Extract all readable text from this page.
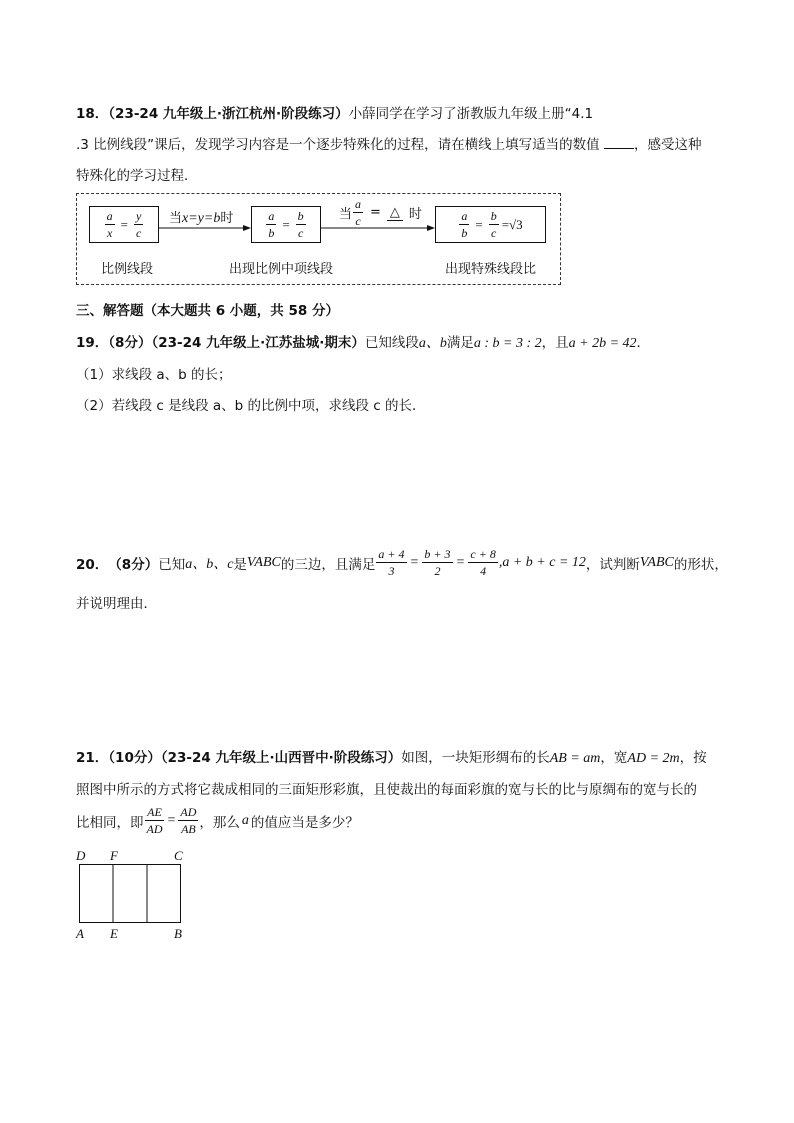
18．（23-24 九年级上·浙江杭州·阶段练习）小薛同学在学习了浙教版九年级上册“4.1
.3 比例线段”课后，发现学习内容是一个逐步特殊化的过程，请在横线上填写适当的数值	，感受这种
特殊化的学习过程．
$\frac{a}{x} = \frac{y}{c}$ 当x=y=b时	$\frac{a}{b} = \frac{b}{c}$	当 $\frac{a}{c}$ = △ 时	$\frac{a}{b} = \frac{b}{c} =√3$
比例线段	出现比例中项线段	出现特殊线段比
三、解答题（本大题共 6 小题，共 58 分）
19．（8分）（23-24 九年级上·江苏盐城·期末）已知线段a、b满足a : b = 3 : 2，且a + 2b = 42．
（1）求线段 a、b 的长；
（2）若线段 c 是线段 a、b 的比例中项，求线段 c 的长．
20． （8分） 已知 a、b、c 是 VABC 的三边，且满足 $\frac{a + 4}{3} = \frac{b + 3}{2} = \frac{c + 8}{4} ,a + b + c = 12$ ，试判断 VABC 的形状，
并说明理由．
21．（10分）（23-24 九年级上·山西晋中·阶段练习）如图，一块矩形绸布的长AB = am，宽AD = 2m，按
照图中所示的方式将它裁成相同的三面矩形彩旗，且使裁出的每面彩旗的宽与长的比与原绸布的宽与长的
比相同，即 $\frac{AE}{AD} = \frac{AD}{AB}$ ，那么 a 的值应当是多少？
D F	C
A E	B
